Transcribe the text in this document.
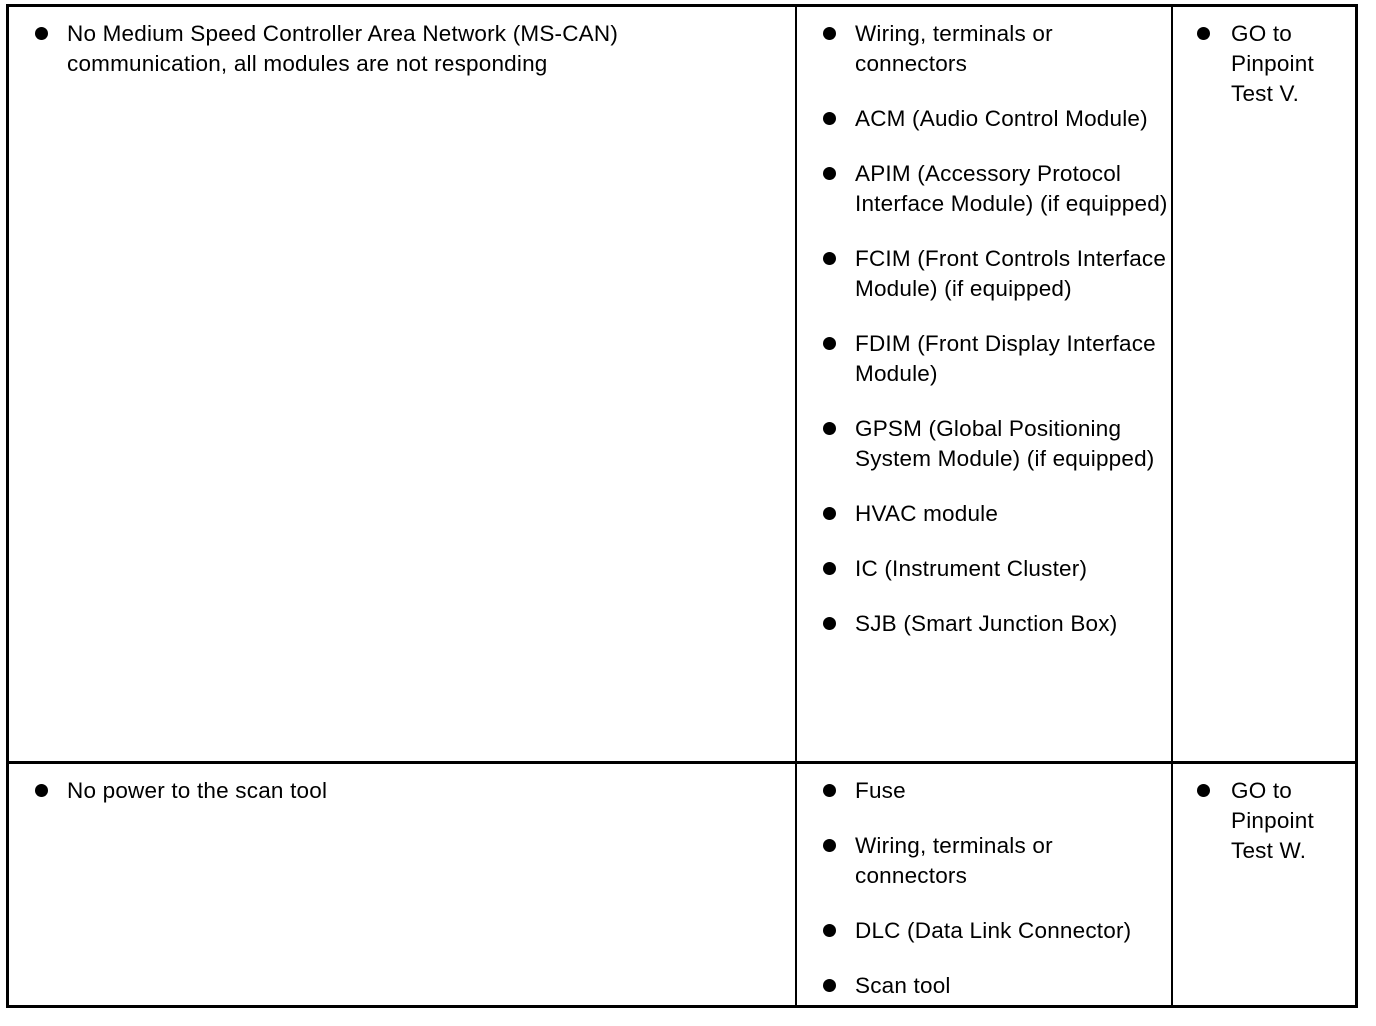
No Medium Speed Controller Area Network (MS-CAN) communication, all modules are not responding
Wiring, terminals or connectors
ACM (Audio Control Module)
APIM (Accessory Protocol Interface Module) (if equipped)
FCIM (Front Controls Interface Module) (if equipped)
FDIM (Front Display Interface Module)
GPSM (Global Positioning System Module) (if equipped)
HVAC module
IC (Instrument Cluster)
SJB (Smart Junction Box)
GO to Pinpoint Test V.
No power to the scan tool	Fuse
Wiring, terminals or connectors
DLC (Data Link Connector)
Scan tool
GO to Pinpoint Test W.
